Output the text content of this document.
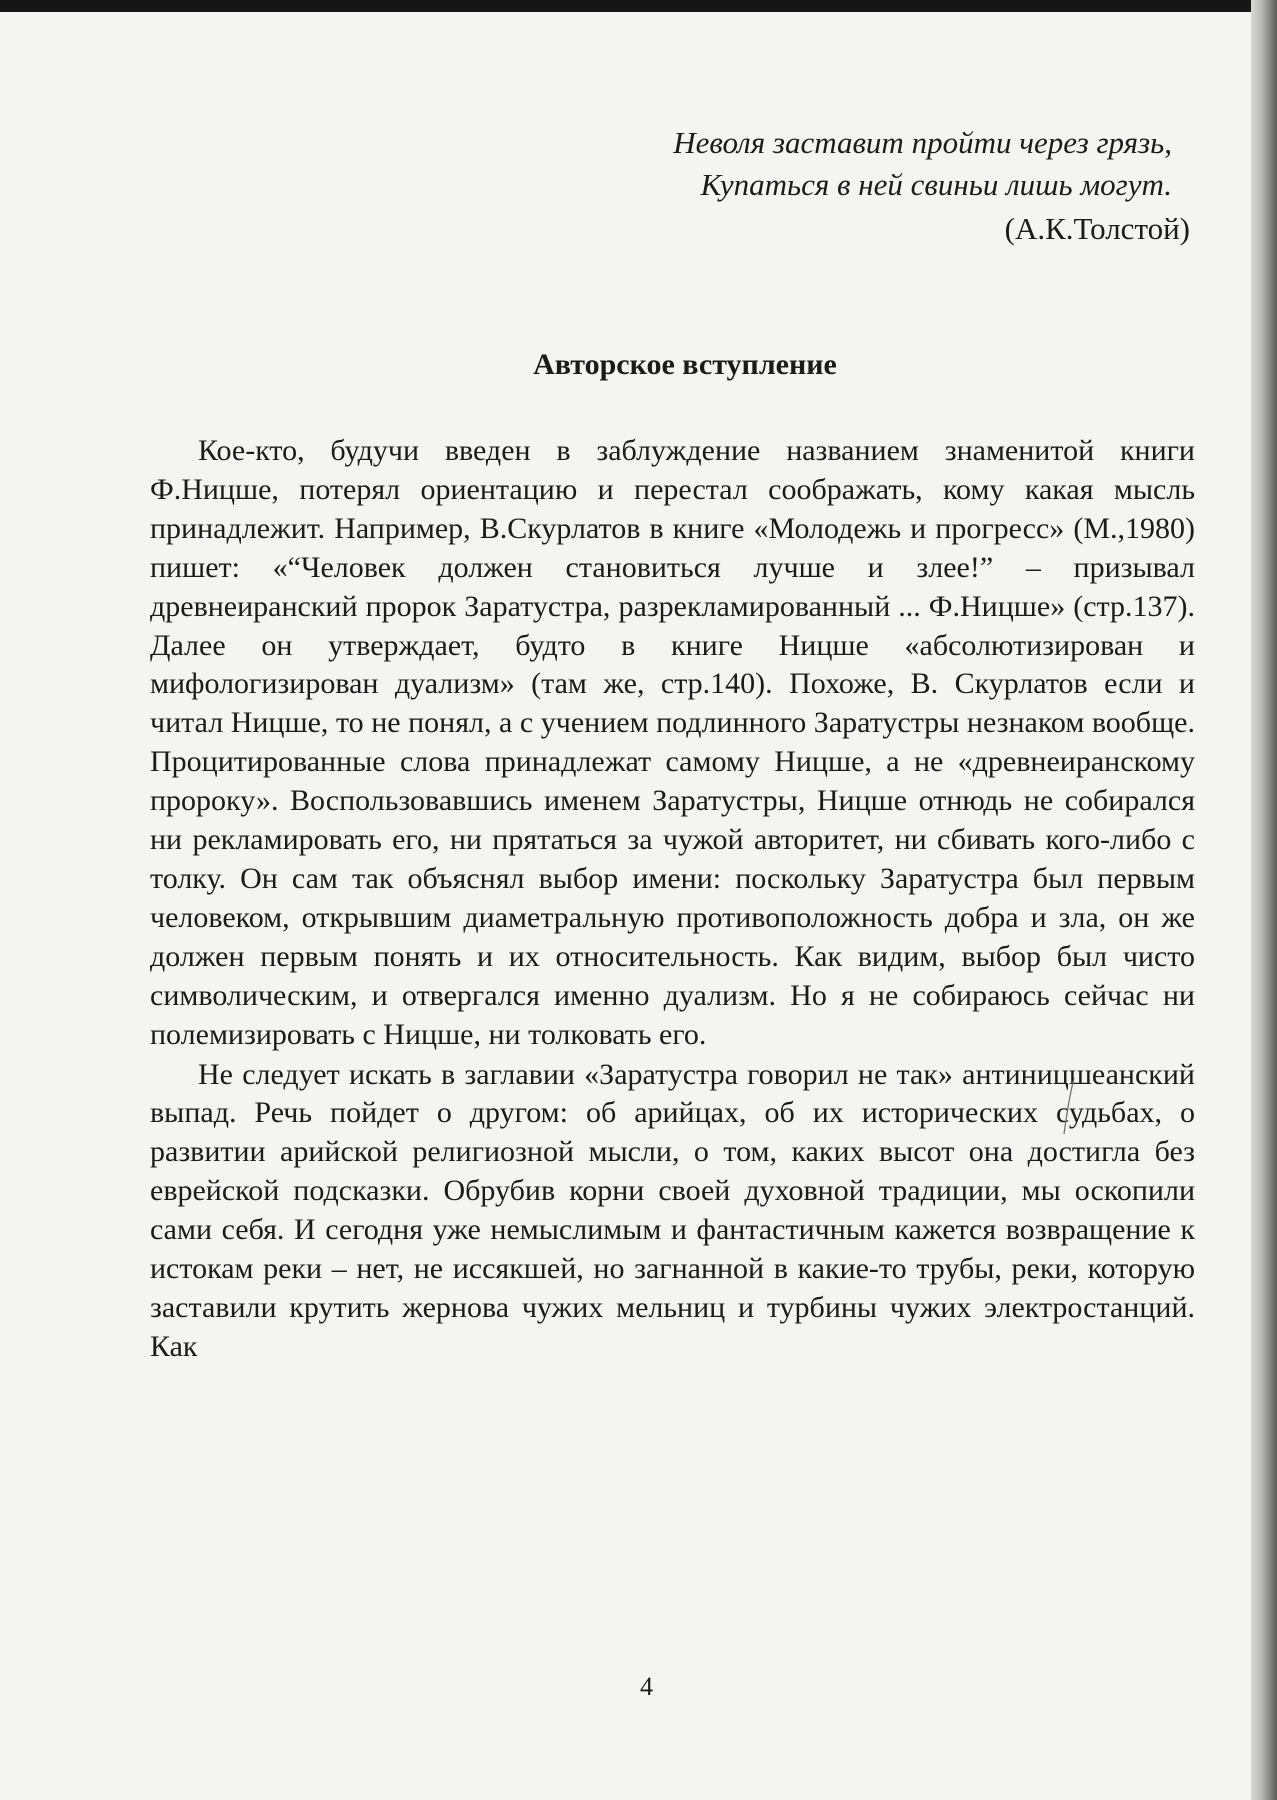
Неволя заставит пройти через грязь,
Купаться в ней свиньи лишь могут.
(А.К.Толстой)
Авторское вступление

Кое-кто, будучи введен в заблуждение названием знаменитой книги Ф.Ницше, потерял ориентацию и перестал соображать, кому какая мысль принадлежит. Например, В.Скурлатов в книге «Молодежь и прогресс» (М.,1980) пишет: «“Человек должен становиться лучше и злее!” – призывал древнеиранский пророк Заратустра, разрекламированный ... Ф.Ницше» (стр.137). Далее он утверждает, будто в книге Ницше «абсолютизирован и мифологизирован дуализм» (там же, стр.140). Похоже, В. Скурлатов если и читал Ницше, то не понял, а с учением подлинного Заратустры незнаком вообще. Процитированные слова принадлежат самому Ницше, а не «древнеиранскому пророку». Воспользовавшись именем Заратустры, Ницше отнюдь не собирался ни рекламировать его, ни прятаться за чужой авторитет, ни сбивать кого-либо с толку. Он сам так объяснял выбор имени: поскольку Заратустра был первым человеком, открывшим диаметральную противоположность добра и зла, он же должен первым понять и их относительность. Как видим, выбор был чисто символическим, и отвергался именно дуализм. Но я не собираюсь сейчас ни полемизировать с Ницше, ни толковать его.

Не следует искать в заглавии «Заратустра говорил не так» антиницшеанский выпад. Речь пойдет о другом: об арийцах, об их исторических судьбах, о развитии арийской религиозной мысли, о том, каких высот она достигла без еврейской подсказки. Обрубив корни своей духовной традиции, мы оскопили сами себя. И сегодня уже немыслимым и фантастичным кажется возвращение к истокам реки – нет, не иссякшей, но загнанной в какие-то трубы, реки, которую заставили крутить жернова чужих мельниц и турбины чужих электростанций. Как

4
